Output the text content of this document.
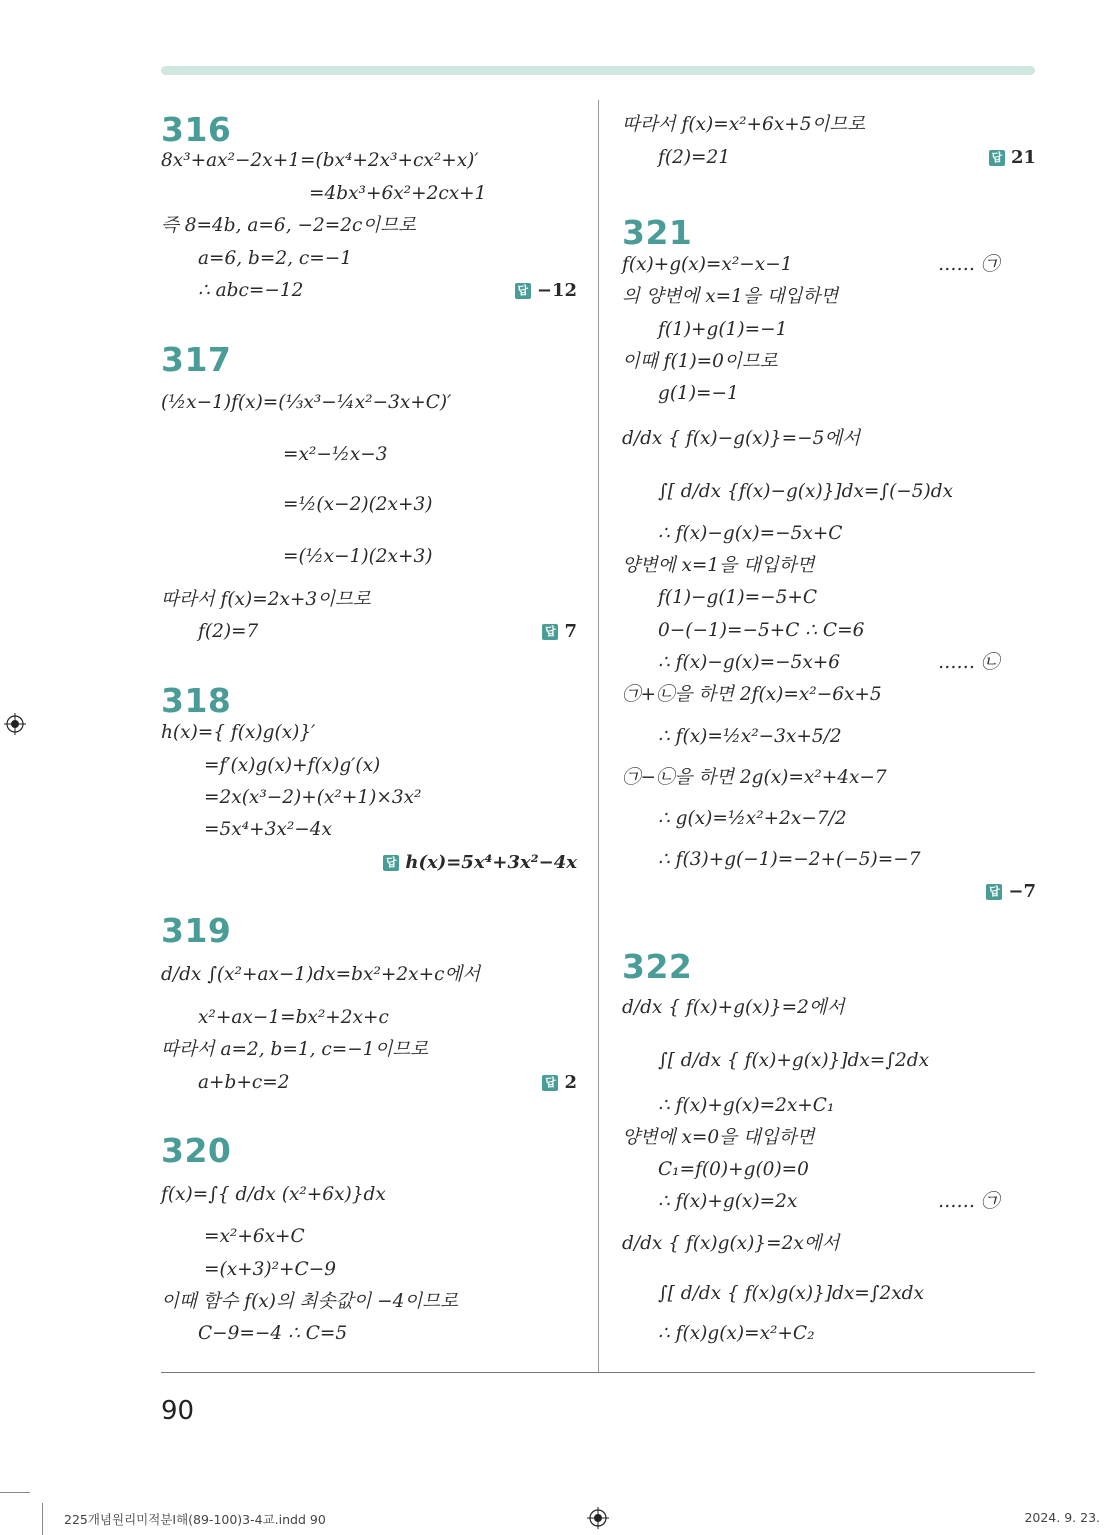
316
8x³+ax²−2x+1=(bx⁴+2x³+cx²+x)′
=4bx³+6x²+2cx+1
즉 8=4b, a=6, −2=2c이므로
a=6, b=2, c=−1
∴ abc=−12	답 −12
317
(½x−1)f(x)=(⅓x³−¼x²−3x+C)′
=x²−½x−3
=½(x−2)(2x+3)
=(½x−1)(2x+3)
따라서 f(x)=2x+3이므로
f(2)=7	답 7
318
h(x)={ f(x)g(x)}′
=f′(x)g(x)+f(x)g′(x)
=2x(x³−2)+(x²+1)×3x²
=5x⁴+3x²−4x
답 h(x)=5x⁴+3x²−4x
319
d/dx ∫(x²+ax−1)dx=bx²+2x+c에서
x²+ax−1=bx²+2x+c
따라서 a=2, b=1, c=−1이므로
a+b+c=2	답 2
320
f(x)=∫{ d/dx (x²+6x)}dx
=x²+6x+C
=(x+3)²+C−9
이때 함수 f(x)의 최솟값이 −4이므로
C−9=−4 ∴ C=5
따라서 f(x)=x²+6x+5이므로
f(2)=21	답 21
321
f(x)+g(x)=x²−x−1	…… ㉠
의 양변에 x=1을 대입하면
f(1)+g(1)=−1
이때 f(1)=0이므로
g(1)=−1
d/dx { f(x)−g(x)}=−5에서
∫[ d/dx {f(x)−g(x)}]dx=∫(−5)dx
∴ f(x)−g(x)=−5x+C
양변에 x=1을 대입하면
f(1)−g(1)=−5+C
0−(−1)=−5+C ∴ C=6
∴ f(x)−g(x)=−5x+6	…… ㉡
㉠+㉡을 하면 2f(x)=x²−6x+5
∴ f(x)=½x²−3x+5/2
㉠−㉡을 하면 2g(x)=x²+4x−7
∴ g(x)=½x²+2x−7/2
∴ f(3)+g(−1)=−2+(−5)=−7
답 −7
322
d/dx { f(x)+g(x)}=2에서
∫[ d/dx { f(x)+g(x)}]dx=∫2dx
∴ f(x)+g(x)=2x+C₁
양변에 x=0을 대입하면
C₁=f(0)+g(0)=0
∴ f(x)+g(x)=2x	…… ㉠
d/dx { f(x)g(x)}=2x에서
∫[ d/dx { f(x)g(x)}]dx=∫2xdx
∴ f(x)g(x)=x²+C₂
90
225개념원리미적분Ⅰ해(89-100)3-4교.indd 90	2024. 9. 23.
